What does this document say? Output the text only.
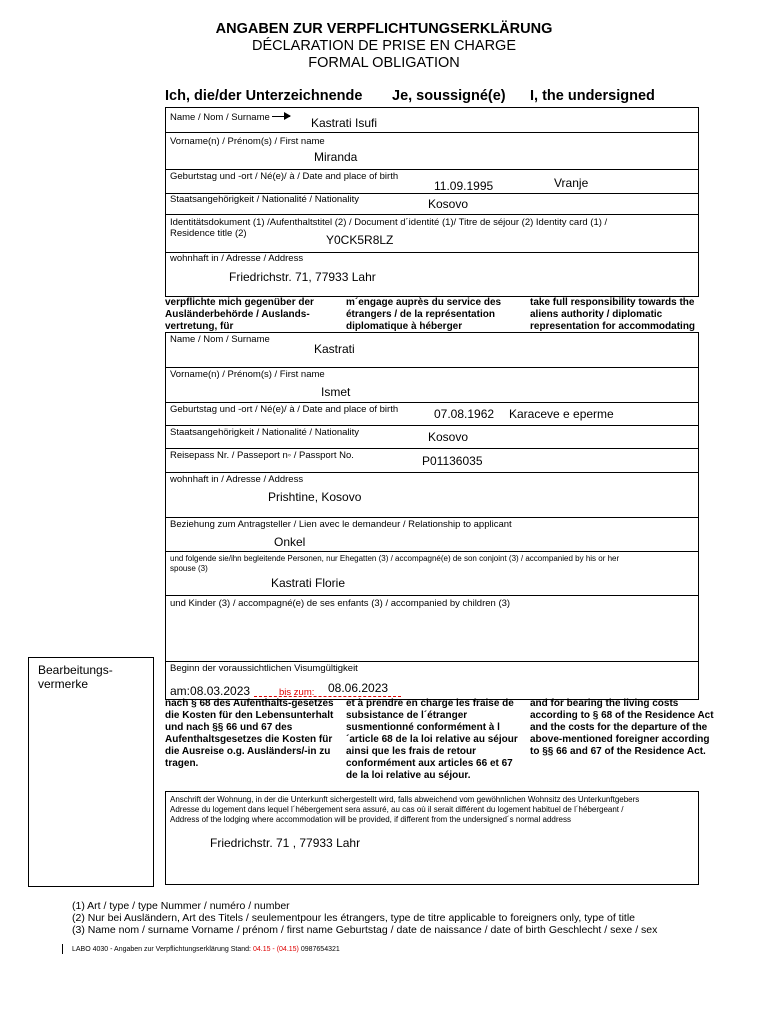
ANGABEN ZUR VERPFLICHTUNGSERKLÄRUNG
DÉCLARATION DE PRISE EN CHARGE
FORMAL OBLIGATION
Ich, die/der Unterzeichnende Je, soussigné(e) I, the undersigned
Name / Nom / Surname	Kastrati Isufi
Vorname(n) / Prénom(s) / First name
Miranda
Geburtstag und -ort / Né(e)/ à / Date and place of birth
11.09.1995	Vranje
Staatsangehörigkeit / Nationalité / Nationality	Kosovo
Identitätsdokument (1) /Aufenthaltstitel (2) / Document d´identité (1)/ Titre de séjour (2) Identity card (1) /
Residence title (2)	Y0CK5R8LZ
wohnhaft in / Adresse / Address
Friedrichstr. 71, 77933 Lahr
verpflichte mich gegenüber der Ausländerbehörde / Auslands-vertretung, für
m´engage auprès du service des étrangers / de la représentation diplomatique à héberger
take full responsibility towards the aliens authority / diplomatic representation for accommodating
Name / Nom / Surname
Kastrati
Vorname(n) / Prénom(s) / First name
Ismet
Geburtstag und -ort / Né(e)/ à / Date and place of birth	07.08.1962 Karaceve e eperme
Staatsangehörigkeit / Nationalité / Nationality	Kosovo
Reisepass Nr. / Passeport n◦ / Passport No.	P01136035
wohnhaft in / Adresse / Address
Prishtine, Kosovo
Beziehung zum Antragsteller / Lien avec le demandeur / Relationship to applicant
Onkel
und folgende sie/ihn begleitende Personen, nur Ehegatten (3) / accompagné(e) de son conjoint (3) / accompanied by his or her
spouse (3)
Kastrati Florie
und Kinder (3) / accompagné(e) de ses enfants (3) / accompanied by children (3)
Beginn der voraussichtlichen Visumgültigkeit
am:08.03.2023	bis zum: 08.06.2023
Bearbeitungs-vermerke
nach § 68 des Aufenthalts-gesetzes die Kosten für den Lebensunterhalt und nach §§ 66 und 67 des Aufenthaltsgesetzes die Kosten für die Ausreise o.g. Ausländers/-in zu tragen.
et à prendre en charge les fraise de subsistance de l´étranger susmentionné conformément à l´article 68 de la loi relative au séjour ainsi que les frais de retour conformément aux articles 66 et 67 de la loi relative au séjour.
and for bearing the living costs according to § 68 of the Residence Act and the costs for the departure of the above-mentioned foreigner according to §§ 66 and 67 of the Residence Act.
Anschrift der Wohnung, in der die Unterkunft sichergestellt wird, falls abweichend vom gewöhnlichen Wohnsitz des Unterkunftgebers
Adresse du logement dans lequel l´hébergement sera assuré, au cas où il serait différent du logement habituel de l´hébergeant /
Address of the lodging where accommodation will be provided, if different from the undersigned´s normal address
Friedrichstr. 71 , 77933 Lahr
(1) Art / type / type Nummer / numéro / number
(2) Nur bei Ausländern, Art des Titels / seulementpour les étrangers, type de titre applicable to foreigners only, type of title
(3) Name nom / surname Vorname / prénom / first name Geburtstag / date de naissance / date of birth Geschlecht / sexe / sex
LABO 4030 - Angaben zur Verpflichtungserklärung Stand: 04.15 - (04.15) 0987654321
